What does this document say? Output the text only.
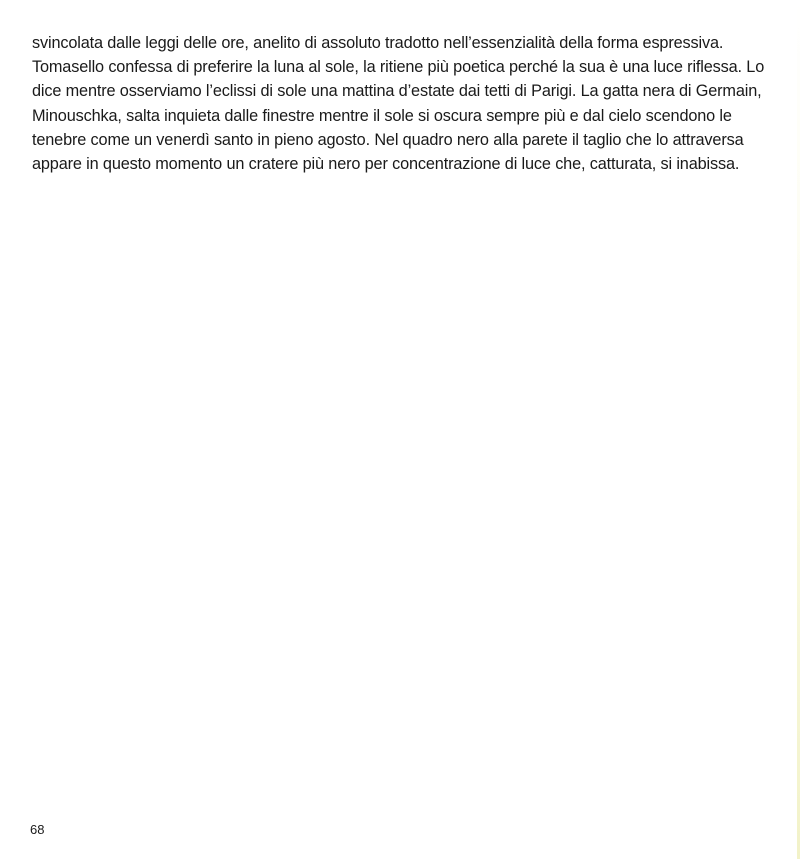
svincolata dalle leggi delle ore, anelito di assoluto tradotto nell’essenzialità della forma espressiva.
Tomasello confessa di preferire la luna al sole, la ritiene più poetica perché la sua è una luce riflessa. Lo
dice mentre osserviamo l’eclissi di sole una mattina d’estate dai tetti di Parigi. La gatta nera di Germain,
Minouschka, salta inquieta dalle finestre mentre il sole si oscura sempre più e dal cielo scendono le
tenebre come un venerdì santo in pieno agosto. Nel quadro nero alla parete il taglio che lo attraversa
appare in questo momento un cratere più nero per concentrazione di luce che, catturata, si inabissa.
68
